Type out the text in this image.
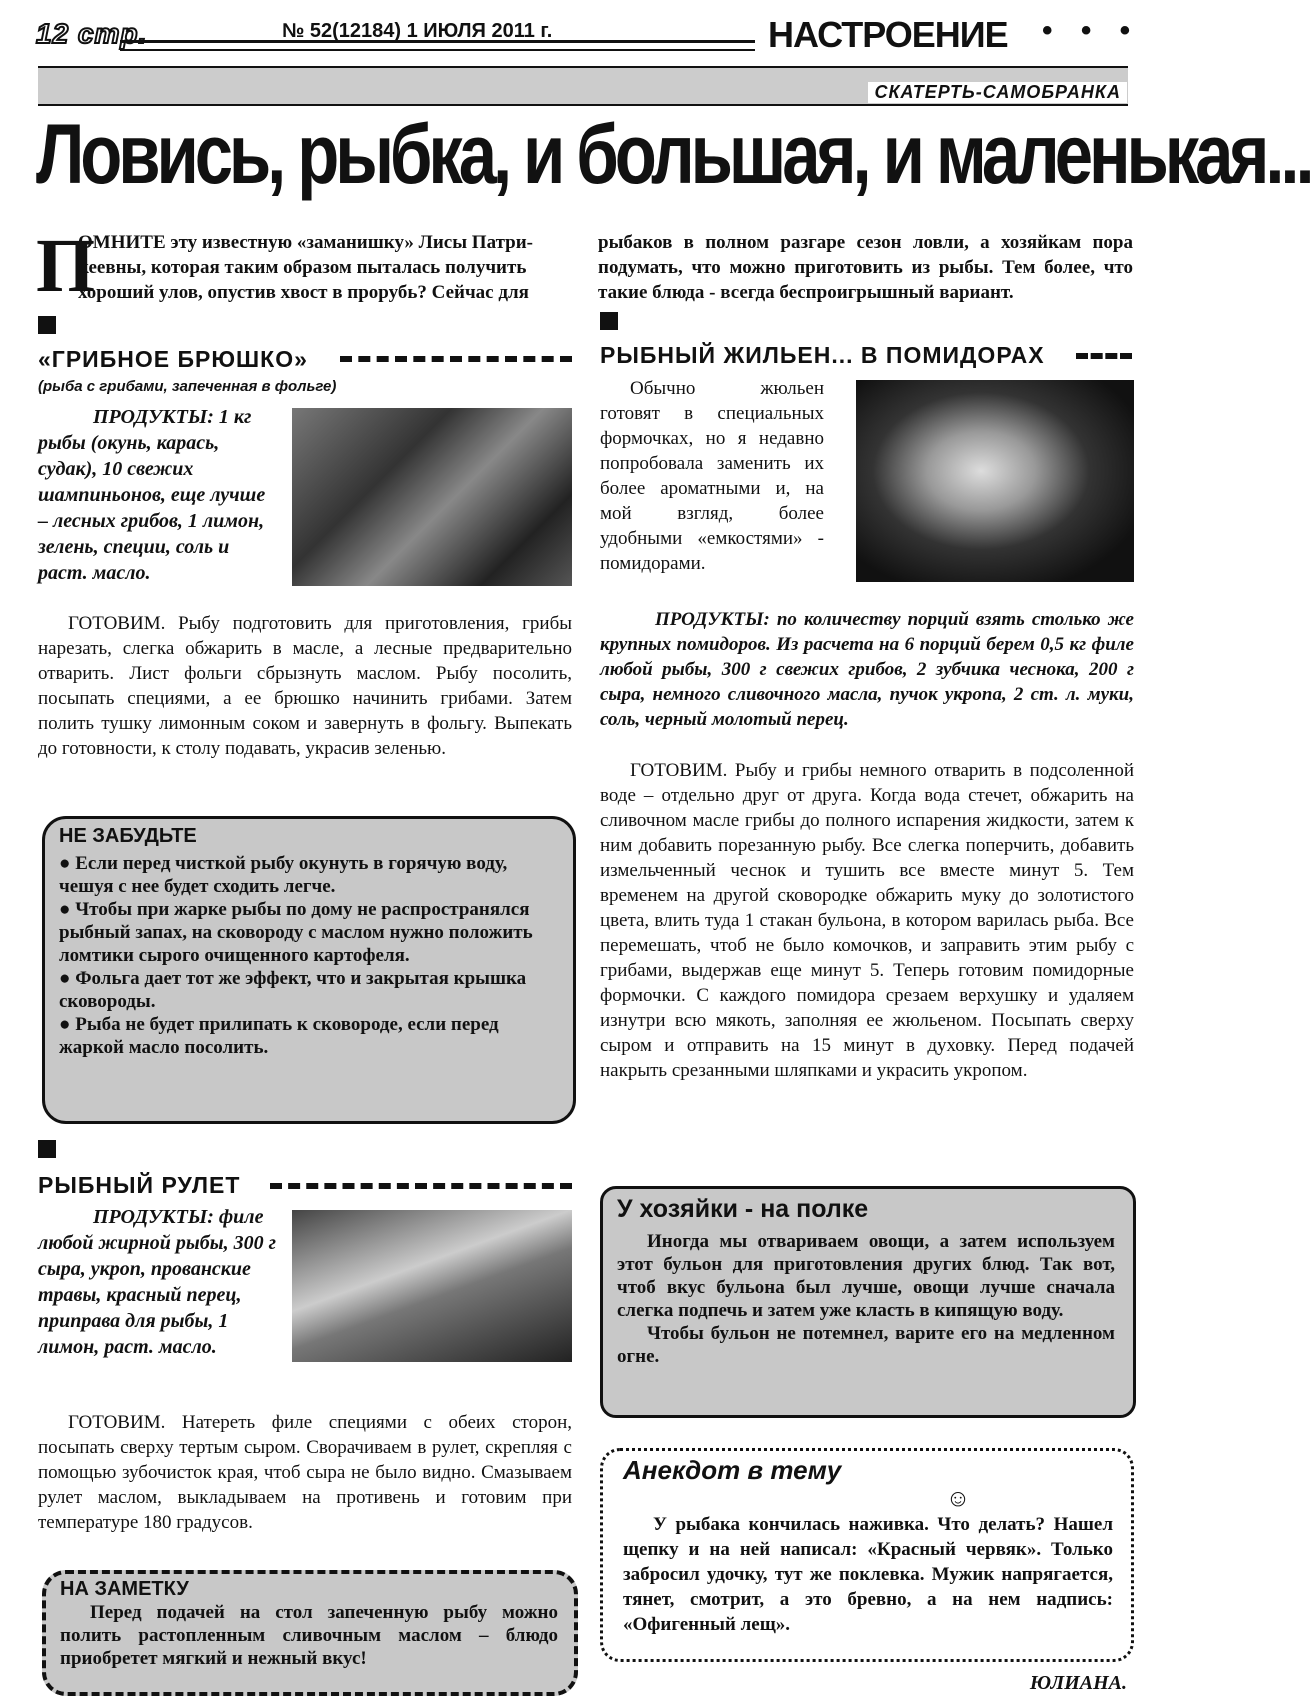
12 стр.	№ 52(12184) 1 ИЮЛЯ 2011 г.	НАСТРОЕНИЕ • • •
СКАТЕРТЬ-САМОБРАНКА
Ловись, рыбка, и большая, и маленькая...
П

ОМНИТЕ эту известную «заманишку» Лисы Патри-

кеевны, которая таким образом пыталась получить

хороший улов, опустив хвост в прорубь? Сейчас для

рыбаков в полном разгаре сезон ловли, а хозяйкам пора подумать, что можно приготовить из рыбы. Тем более, что такие блюда - всегда беспроигрышный вариант.

«ГРИБНОЕ БРЮШКО»
(рыба с грибами, запеченная в фольге)

ПРОДУКТЫ: 1 кг рыбы (окунь, карась, судак), 10 свежих шампиньонов, еще лучше – лесных грибов, 1 лимон, зелень, специи, соль и раст. масло.

ГОТОВИМ. Рыбу подготовить для приготовления, грибы нарезать, слегка обжарить в масле, а лесные предварительно отварить. Лист фольги сбрызнуть маслом. Рыбу посолить, посыпать специями, а ее брюшко начинить грибами. Затем полить тушку лимонным соком и завернуть в фольгу. Выпекать до готовности, к столу подавать, украсив зеленью.

НЕ ЗАБУДЬТЕ

● Если перед чисткой рыбу окунуть в горячую воду, чешуя с нее будет сходить легче.

● Чтобы при жарке рыбы по дому не распространялся рыбный запах, на сковороду с маслом нужно положить ломтики сырого очищенного картофеля.

● Фольга дает тот же эффект, что и закрытая крышка сковороды.

● Рыба не будет прилипать к сковороде, если перед жаркой масло посолить.

РЫБНЫЙ РУЛЕТ

ПРОДУКТЫ: филе любой жирной рыбы, 300 г сыра, укроп, прованские травы, красный перец, приправа для рыбы, 1 лимон, раст. масло.

ГОТОВИМ. Натереть филе специями с обеих сторон, посыпать сверху тертым сыром. Сворачиваем в рулет, скрепляя с помощью зубочисток края, чтоб сыра не было видно. Смазываем рулет маслом, выкладываем на противень и готовим при температуре 180 градусов.

НА ЗАМЕТКУ

Перед подачей на стол запеченную рыбу можно полить растопленным сливочным маслом – блюдо приобретет мягкий и нежный вкус!

РЫБНЫЙ ЖИЛЬЕН... В ПОМИДОРАХ

Обычно жюльен готовят в специальных формочках, но я недавно попробовала заменить их более ароматными и, на мой взгляд, более удобными «емкостями» - помидорами.

ПРОДУКТЫ: по количеству порций взять столько же крупных помидоров. Из расчета на 6 порций берем 0,5 кг филе любой рыбы, 300 г свежих грибов, 2 зубчика чеснока, 200 г сыра, немного сливочного масла, пучок укропа, 2 ст. л. муки, соль, черный молотый перец.

ГОТОВИМ. Рыбу и грибы немного отварить в подсоленной воде – отдельно друг от друга. Когда вода стечет, обжарить на сливочном масле грибы до полного испарения жидкости, затем к ним добавить порезанную рыбу. Все слегка поперчить, добавить измельченный чеснок и тушить все вместе минут 5. Тем временем на другой сковородке обжарить муку до золотистого цвета, влить туда 1 стакан бульона, в котором варилась рыба. Все перемешать, чтоб не было комочков, и заправить этим рыбу с грибами, выдержав еще минут 5. Теперь готовим помидорные формочки. С каждого помидора срезаем верхушку и удаляем изнутри всю мякоть, заполняя ее жюльеном. Посыпать сверху сыром и отправить на 15 минут в духовку. Перед подачей накрыть срезанными шляпками и украсить укропом.

У хозяйки - на полке

Иногда мы отвариваем овощи, а затем используем этот бульон для приготовления других блюд. Так вот, чтоб вкус бульона был лучше, овощи лучше сначала слегка подпечь и затем уже класть в кипящую воду.

Чтобы бульон не потемнел, варите его на медленном огне.

Анекдот в тему
☺

У рыбака кончилась наживка. Что делать? Нашел щепку и на ней написал: «Красный червяк». Только забросил удочку, тут же поклевка. Мужик напрягается, тянет, смотрит, а это бревно, а на нем надпись: «Офигенный лещ».

ЮЛИАНА.
